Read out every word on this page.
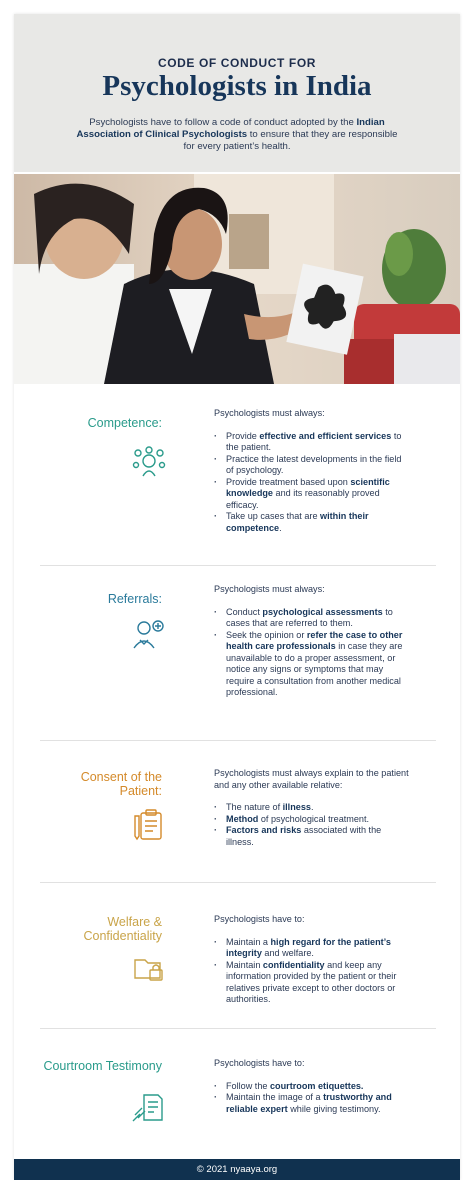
CODE OF CONDUCT FOR
Psychologists in India
Psychologists have to follow a code of conduct adopted by the Indian Association of Clinical Psychologists to ensure that they are responsible for every patient’s health.
Competence:

Psychologists must always:

· Provide effective and efficient services to the patient.
· Practice the latest developments in the field of psychology.
· Provide treatment based upon scientific knowledge and its reasonably proved efficacy.
· Take up cases that are within their competence.
Referrals:

Psychologists must always:

· Conduct psychological assessments to cases that are referred to them.
· Seek the opinion or refer the case to other health care professionals in case they are unavailable to do a proper assessment, or notice any signs or symptoms that may require a consultation from another medical professional.
Consent of the Patient:

Psychologists must always explain to the patient and any other available relative:

· The nature of illness.
· Method of psychological treatment.
· Factors and risks associated with the illness.
Welfare & Confidentiality

Psychologists have to:

· Maintain a high regard for the patient’s integrity and welfare.
· Maintain confidentiality and keep any information provided by the patient or their relatives private except to other doctors or authorities.
Courtroom Testimony	Psychologists have to:

· Follow the courtroom etiquettes.
· Maintain the image of a trustworthy and reliable expert while giving testimony.
© 2021 nyaaya.org
